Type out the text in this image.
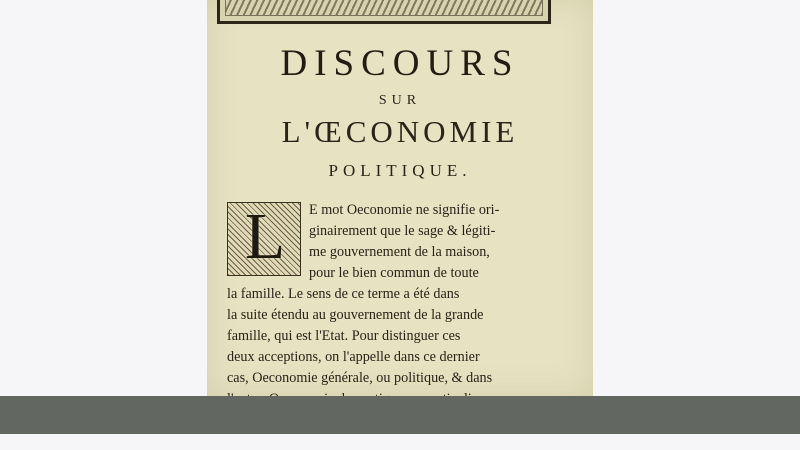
DISCOURS
SUR
L'ŒCONOMIE
POLITIQUE.
L	E mot Oeconomie ne signifie ori-
ginairement que le sage & légiti-
me gouvernement de la maison,
pour le bien commun de toute
la famille. Le sens de ce terme a été dans
la suite étendu au gouvernement de la grande
famille, qui est l'Etat. Pour distinguer ces
deux acceptions, on l'appelle dans ce dernier
cas, Oeconomie générale, ou politique, & dans
